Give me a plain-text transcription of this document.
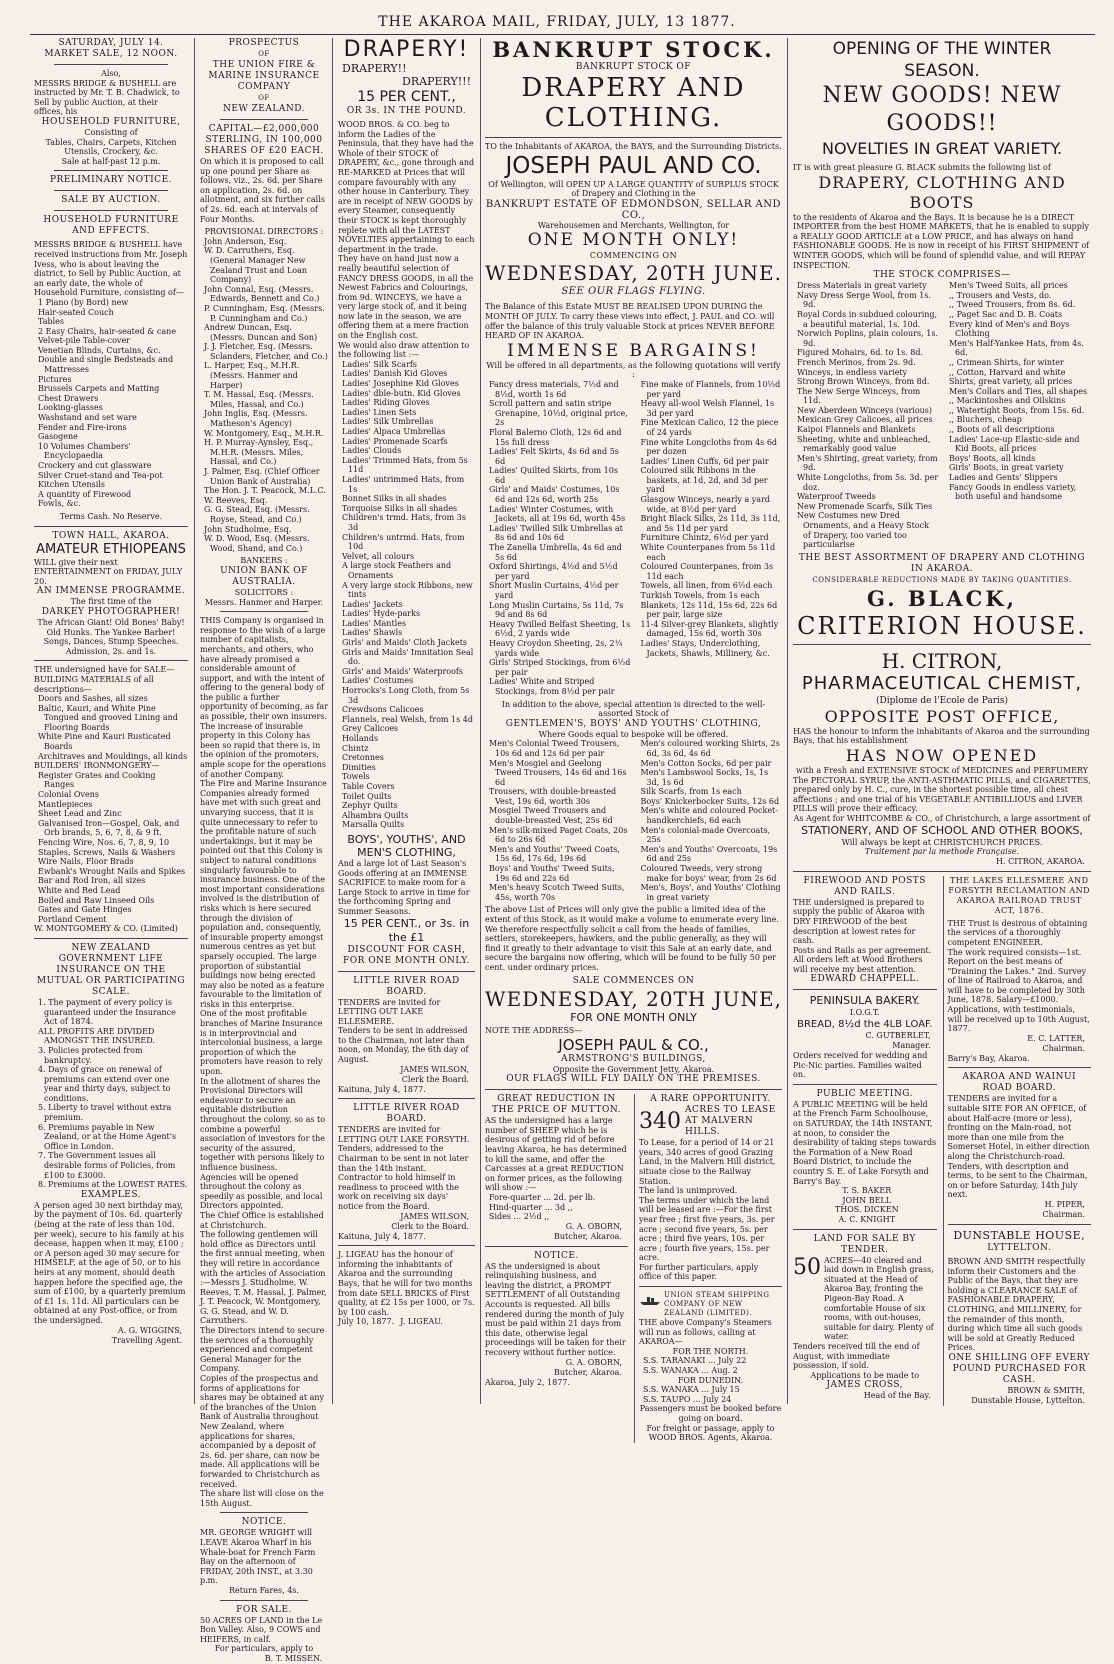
THE AKAROA MAIL, FRIDAY, JULY, 13 1877.
SATURDAY, JULY 14.
MARKET SALE, 12 NOON.

Also,

MESSRS BRIDGE & BUSHELL are instructed by Mr. T. B. Chadwick, to Sell by public Auction, at their offices, his

HOUSEHOLD FURNITURE,

Consisting of

Tables, Chairs, Carpets, Kitchen Utensils, Crockery, &c.

Sale at half-past 12 p.m.

PRELIMINARY NOTICE.
SALE BY AUCTION.
HOUSEHOLD FURNITURE AND EFFECTS.

MESSRS BRIDGE & BUSHELL have received instructions from Mr. Joseph Ivess, who is about leaving the district, to Sell by Public Auction, at an early date, the whole of Household Furniture, consisting of—

1 Piano (by Bord) new
Hair-seated Couch
Tables
2 Easy Chairs, hair-seated & cane
Velvet-pile Table-cover
Venetian Blinds, Curtains, &c.
Double and single Bedsteads and Mattresses
Pictures
Brussels Carpets and Matting
Chest Drawers
Looking-glasses
Washstand and set ware
Fender and Fire-irons
Gasogene
10 Volumes Chambers' Encyclopaedia
Crockery and cut glassware
Silver Cruet-stand and Tea-pot
Kitchen Utensils
A quantity of Firewood
Fowls, &c.

Terms Cash. No Reserve.

TOWN HALL, AKAROA.
AMATEUR ETHIOPEANS

WILL give their next ENTERTAINMENT on FRIDAY, JULY 20.

AN IMMENSE PROGRAMME.

The first time of the

DARKEY PHOTOGRAPHER!

The African Giant! Old Bones' Baby! Old Hunks. The Yankee Barber! Songs, Dances, Stump Speeches. Admission, 2s. and 1s.

THE undersigned have for SALE—

BUILDING MATERIALS of all descriptions—

Doors and Sashes, all sizes
Baltic, Kauri, and White Pine Tongued and grooved Lining and Flooring Boards
White Pine and Kauri Rusticated Boards
Architraves and Mouldings, all kinds

BUILDERS' IRONMONGERY—

Register Grates and Cooking Ranges
Colonial Ovens
Mantlepieces
Sheet Lead and Zinc
Galvanised Iron—Gospel, Oak, and Orb brands, 5, 6, 7, 8, & 9 ft.
Fencing Wire, Nos. 6, 7, 8, 9, 10
Staples, Screws, Nails & Washers
Wire Nails, Floor Brads
Ewbank's Wrought Nails and Spikes
Bar and Rod Iron, all sizes
White and Red Lead
Boiled and Raw Linseed Oils
Gates and Gate Hinges
Portland Cement

W. MONTGOMERY & CO. (Limited)

NEW ZEALAND GOVERNMENT LIFE INSURANCE ON THE MUTUAL OR PARTICIPATING SCALE.
1. The payment of every policy is guaranteed under the Insurance Act of 1874.
ALL PROFITS ARE DIVIDED AMONGST THE INSURED.
3. Policies protected from bankruptcy.
4. Days of grace on renewal of premiums can extend over one year and thirty days, subject to conditions.
5. Liberty to travel without extra premium.
6. Premiums payable in New Zealand, or at the Home Agent's Office in London.
7. The Government issues all desirable forms of Policies, from £100 to £3000.
8. Premiums at the LOWEST RATES.
EXAMPLES.

A person aged 30 next birthday may, by the payment of 10s. 6d. quarterly (being at the rate of less than 10d. per week), secure to his family at his decease, happen when it may, £100 ; or A person aged 30 may secure for HIMSELF, at the age of 50, or to his heirs at any moment, should death happen before the specified age, the sum of £100, by a quarterly premium of £1 1s. 11d. All particulars can be obtained at any Post-office, or from the undersigned.

A. G. WIGGINS,
Travelling Agent.
PROSPECTUS
OF
THE UNION FIRE & MARINE INSURANCE COMPANY
OF
NEW ZEALAND.
CAPITAL—£2,000,000 STERLING, IN 100,000 SHARES OF £20 EACH.

On which it is proposed to call up one pound per Share as follows, viz., 2s. 6d. per Share on application, 2s. 6d. on allotment, and six further calls of 2s. 6d. each at intervals of Four Months.

PROVISIONAL DIRECTORS :

John Anderson, Esq.
W. D. Carruthers, Esq. (General Manager New Zealand Trust and Loan Company)
John Connal, Esq. (Messrs. Edwards, Bennett and Co.)
P. Cunningham, Esq. (Messrs. P. Cunningham and Co.)
Andrew Duncan, Esq. (Messrs. Duncan and Son)
J. J. Fletcher, Esq. (Messrs. Sclanders, Fletcher, and Co.)
L. Harper, Esq., M.H.R. (Messrs. Hanmer and Harper)
T. M. Hassal, Esq. (Messrs. Miles, Hassal, and Co.)
John Inglis, Esq. (Messrs. Matheson's Agency)
W. Montgomery, Esq., M.H.R.
H. P. Murray-Aynsley, Esq., M.H.R. (Messrs. Miles, Hassal, and Co.)
J. Palmer, Esq. (Chief Officer Union Bank of Australia)
The Hon. J. T. Peacock, M.L.C.
W. Reeves, Esq.
G. G. Stead, Esq. (Messrs. Royse, Stead, and Co.)
John Studholme, Esq.
W. D. Wood, Esq. (Messrs. Wood, Shand, and Co.)

BANKERS :

UNION BANK OF AUSTRALIA.

SOLICITORS :

Messrs. Hanmer and Harper.

THIS Company is organised in response to the wish of a large number of capitalists, merchants, and others, who have already promised a considerable amount of support, and with the intent of offering to the general body of the public a further opportunity of becoming, as far as possible, their own insurers.

The increase of insurable property in this Colony has been so rapid that there is, in the opinion of the promoters, ample scope for the operations of another Company.

The Fire and Marine Insurance Companies already formed have met with such great and unvarying success, that it is quite unnecessary to refer to the profitable nature of such undertakings, but it may be pointed out that this Colony is subject to natural conditions singularly favourable to insurance business. One of the most important considerations involved is the distribution of risks which is here secured through the division of population and, consequently, of insurable property amongst numerous centres as yet but sparsely occupied. The large proportion of substantial buildings now being erected may also be noted as a feature favourable to the limitation of risks in this enterprise.

One of the most profitable branches of Marine Insurance is in interprovincial and intercolonial business, a large proportion of which the promoters have reason to rely upon.

In the allotment of shares the Provisional Directors will endeavour to secure an equitable distribution throughout the colony, so as to combine a powerful association of investors for the security of the assured, together with persons likely to influence business.

Agencies will be opened throughout the colony as speedily as possible, and local Directors appointed.

The Chief Office is established at Christchurch.

The following gentlemen will hold office as Directors until the first annual meeting, when they will retire in accordance with the articles of Association :—Messrs J. Studholme, W. Reeves, T. M. Hassal, J. Palmer, J. T. Peacock, W. Montgomery, G. G. Stead, and W. D. Carruthers.

The Directors intend to secure the services of a thoroughly experienced and competent General Manager for the Company.

Copies of the prospectus and forms of applications for shares may be obtained at any of the branches of the Union Bank of Australia throughout New Zealand, where applications for shares, accompanied by a deposit of 2s. 6d. per share, can now be made. All applications will be forwarded to Christchurch as received.

The share list will close on the 15th August.

NOTICE.

MR. GEORGE WRIGHT will LEAVE Akaroa Wharf in his Whale-boat for French Farm Bay on the afternoon of FRIDAY, 20th INST., at 3.30 p.m.

Return Fares, 4s.

FOR SALE.

50 ACRES OF LAND in the Le Bon Valley. Also, 9 COWS and HEIFERS, in calf.

For particulars, apply to

B. T. MISSEN.
DRAPERY!
DRAPERY!!
DRAPERY!!!
15 PER CENT.,
OR 3s. IN THE POUND.

WOOD BROS. & CO. beg to inform the Ladies of the Peninsula, that they have had the Whole of their STOCK of DRAPERY, &c., gone through and RE-MARKED at Prices that will compare favourably with any other house in Canterbury. They are in receipt of NEW GOODS by every Steamer, consequently their STOCK is kept thoroughly replete with all the LATEST NOVELTIES appertaining to each department in the trade.

They have on hand just now a really beautiful selection of FANCY DRESS GOODS, in all the Newest Fabrics and Colourings, from 9d. WINCEYS, we have a very large stock of, and it being now late in the season, we are offering them at a mere fraction on the English cost.

We would also draw attention to the following list :—

Ladies' Silk Scarfs
Ladies' Danish Kid Gloves
Ladies' Josephine Kid Gloves
Ladies' dble-butn. Kid Gloves
Ladies' Riding Gloves
Ladies' Linen Sets
Ladies' Silk Umbrellas
Ladies' Alpaca Umbrellas
Ladies' Promenade Scarfs
Ladies' Clouds
Ladies' Trimmed Hats, from 5s 11d
Ladies' untrimmed Hats, from 1s
Bonnet Silks in all shades
Torquoise Silks in all shades
Children's trmd. Hats, from 3s 3d
Children's untrmd. Hats, from 10d
Velvet, all colours
A large stock Feathers and Ornaments
A very large stock Ribbons, new tints
Ladies' Jackets
Ladies' Hyde-parks
Ladies' Mantles
Ladies' Shawls
Girls' and Maids' Cloth Jackets
Girls and Maids' Imnitation Seal do.
Girls' and Maids' Waterproofs
Ladies' Costumes
Horrocks's Long Cloth, from 5s 3d
Crewdsons Calicoes
Flannels, real Welsh, from 1s 4d
Grey Calicoes
Hollands
Chintz
Cretonnes
Dimities
Towels
Table Covers
Toilet Quilts
Zephyr Quilts
Alhambra Quilts
Marsalla Quilts
BOYS', YOUTHS', AND MEN'S CLOTHING,

And a large lot of Last Season's Goods offering at an IMMENSE SACRIFICE to make room for a Large Stock to arrive in time for the forthcoming Spring and Summer Seasons.

15 PER CENT., or 3s. in the £1
DISCOUNT FOR CASH, FOR ONE MONTH ONLY.
LITTLE RIVER ROAD BOARD.

TENDERS are invited for LETTING OUT LAKE ELLESMERE.

Tenders to be sent in addressed to the Chairman, not later than noon, on Monday, the 6th day of August.

JAMES WILSON,
Clerk the Board.

Kaituna, July 4, 1877.

LITTLE RIVER ROAD BOARD.

TENDERS are invited for LETTING OUT LAKE FORSYTH.

Tenders, addressed to the Chairman to be sent in not later than the 14th instant.

Contractor to hold himself in readiness to proceed with the work on receiving six days' notice from the Board.

JAMES WILSON,
Clerk to the Board.

Kaituna, July 4, 1877.

J. LIGEAU has the honour of informing the inhabitants of Akaroa and the surrounding Bays, that he will for two months from date SELL BRICKS of First quality, at £2 15s per 1000, or 7s. by 100 cash.

July 10, 1877. J. LIGEAU.

BANKRUPT STOCK.
BANKRUPT STOCK OF
DRAPERY AND CLOTHING.

TO the Inhabitants of AKAROA, the BAYS, and the Surrounding Districts.

JOSEPH PAUL AND CO.

Of Wellington, will OPEN UP A LARGE QUANTITY of SURPLUS STOCK of Drapery and Clothing in the

BANKRUPT ESTATE OF EDMONDSON, SELLAR AND CO.,

Warehousemen and Merchants, Wellington, for

ONE MONTH ONLY!
COMMENCING ON
WEDNESDAY, 20TH JUNE.
SEE OUR FLAGS FLYING.

The Balance of this Estate MUST BE REALISED UPON DURING the MONTH OF JULY. To carry these views into effect, J. PAUL and CO. will offer the balance of this truly valuable Stock at prices NEVER BEFORE HEARD OF IN AKAROA.

IMMENSE BARGAINS!

Will be offered in all departments, as the following quotations will verify :

Fancy dress materials, 7½d and 8½d, worth 1s 6d
Scroll pattern and satin stripe Grenapine, 10½d, original price, 2s
Floral Balerno Cloth, 12s 6d and 15s full dress
Ladies' Felt Skirts, 4s 6d and 5s 6d
Ladies' Quilted Skirts, from 10s 6d
Girls' and Maids' Costumes, 10s 6d and 12s 6d, worth 25s
Ladies' Winter Costumes, with Jackets, all at 19s 6d, worth 45s
Ladies' Twilled Silk Umbrellas at 8s 6d and 10s 6d
The Zanella Umbrella, 4s 6d and 5s 6d
Oxford Shirtings, 4½d and 5½d per yard
Short Muslin Curtains, 4½d per yard
Long Muslin Curtains, 5s 11d, 7s 9d and 8s 6d
Heavy Twilled Belfast Sheeting, 1s 6½d, 2 yards wide
Heavy Croydon Sheeting, 2s, 2¼ yards wide
Girls' Striped Stockings, from 6½d per pair
Ladies' White and Striped Stockings, from 8½d per pair
Fine make of Flannels, from 10½d per yard
Heavy all-wool Welsh Flannel, 1s 3d per yard
Fine Mexican Calico, 12 the piece of 24 yards
Fine white Longcloths from 4s 6d per dozen
Ladies' Linen Cuffs, 6d per pair
Coloured silk Ribbons in the baskets, at 1d, 2d, and 3d per yard
Glasgow Winceys, nearly a yard wide, at 8½d per yard
Bright Black Silks, 2s 11d, 3s 11d, and 5s 11d per yard
Furniture Chintz, 6½d per yard
White Counterpanes from 5s 11d each
Coloured Counterpanes, from 3s 11d each
Towels, all linen, from 6½d each
Turkish Towels, from 1s each
Blankets, 12s 11d, 15s 6d, 22s 6d per pair, large size
11-4 Silver-grey Blankets, slightly damaged, 15s 6d, worth 30s
Ladies' Stays, Underclothing, Jackets, Shawls, Millinery, &c.

In addition to the above, special attention is directed to the well-assorted Stock of

GENTLEMEN'S, BOYS' AND YOUTHS' CLOTHING,

Where Goods equal to bespoke will be offered.

Men's Colonial Tweed Trousers, 10s 6d and 12s 6d per pair
Men's Mosgiel and Geelong Tweed Trousers, 14s 6d and 16s 6d
Trousers, with double-breasted Vest, 19s 6d, worth 30s
Mosgiel Tweed Trousers and double-breasted Vest, 25s 6d
Men's silk-mixed Paget Coats, 20s 6d to 26s 6d
Men's and Youths' Tweed Coats, 15s 6d, 17s 6d, 19s 6d
Boys' and Youths' Tweed Suits, 19s 6d and 22s 6d
Men's heavy Scotch Tweed Suits, 45s, worth 70s
Men's coloured working Shirts, 2s 6d, 3s 6d, 4s 6d
Men's Cotton Socks, 6d per pair
Men's Lambswool Socks, 1s, 1s 3d, 1s 6d
Silk Scarfs, from 1s each
Boys' Knickerbocker Suits, 12s 6d
Men's white and coloured Pocket-handkerchiefs, 6d each
Men's colonial-made Overcoats, 25s
Men's and Youths' Overcoats, 19s 6d and 25s
Coloured Tweeds, very strong make for boys' wear, from 2s 6d
Men's, Boys', and Youths' Clothing in great variety

The above List of Prices will only give the public a limited idea of the extent of this Stock, as it would make a volume to enumerate every line. We therefore respectfully solicit a call from the heads of families, settlers, storekeepers, hawkers, and the public generally, as they will find it greatly to their advantage to visit this Sale at an early date, and secure the bargains now offering, which will be found to be fully 50 per cent. under ordinary prices.

SALE COMMENCES ON
WEDNESDAY, 20TH JUNE,
FOR ONE MONTH ONLY

NOTE THE ADDRESS—

JOSEPH PAUL & CO.,
ARMSTRONG'S BUILDINGS,

Opposite the Government Jetty, Akaroa.

OUR FLAGS WILL FLY DAILY ON THE PREMISES.
GREAT REDUCTION IN THE PRICE OF MUTTON.

AS the undersigned has a large number of SHEEP which he is desirous of getting rid of before leaving Akaroa, he has determined to kill the same, and offer the Carcasses at a great REDUCTION on former prices, as the following will show :—

Fore-quarter ... 2d. per lb.
Hind-quarter ... 3d ,,
Sides ... 2½d ,,
G. A. OBORN,
Butcher, Akaroa.
NOTICE.

AS the undersigned is about relinquishing business, and leaving the district, a PROMPT SETTLEMENT of all Outstanding Accounts is requested. All bills rendered during the month of July must be paid within 21 days from this date, otherwise legal proceedings will be taken for their recovery without further notice.

G. A. OBORN,
Butcher, Akaroa.

Akaroa, July 2, 1877.

A RARE OPPORTUNITY.
340 ACRES TO LEASE AT MALVERN HILLS.

To Lease, for a period of 14 or 21 years, 340 acres of good Grazing Land, in the Malvern Hill district, situate close to the Railway Station.

The land is unimproved.

The terms under which the land will be leased are :—For the first year free ; first five years, 3s. per acre ; second five years, 5s. per acre ; third five years, 10s. per acre ; fourth five years, 15s. per acre.

For further particulars, apply office of this paper.

UNION STEAM SHIPPING COMPANY OF NEW ZEALAND (LIMITED).

THE above Company's Steamers will run as follows, calling at AKAROA—

FOR THE NORTH.

S.S. TARANAKI ... July 22
S.S. WANAKA ... Aug. 2

FOR DUNEDIN.

S.S. WANAKA ... July 15
S.S. TAUPO ... July 24

Passengers must be booked before going on board.

For freight or passage, apply to WOOD BROS. Agents, Akaroa.

OPENING OF THE WINTER SEASON.
NEW GOODS! NEW GOODS!!
NOVELTIES IN GREAT VARIETY.

IT is with great pleasure G. BLACK submits the following list of

DRAPERY, CLOTHING AND BOOTS

to the residents of Akaroa and the Bays. It is because he is a DIRECT IMPORTER from the best HOME MARKETS, that he is enabled to supply a REALLY GOOD ARTICLE at a LOW PRICE, and has always on hand FASHIONABLE GOODS. He is now in receipt of his FIRST SHIPMENT of WINTER GOODS, which will be found of splendid value, and will REPAY INSPECTION.

THE STOCK COMPRISES—
Dress Materials in great variety
Navy Dress Serge Wool, from 1s. 9d.
Royal Cords in subdued colouring, a beautiful material, 1s. 10d.
Norwich Poplins, plain colours, 1s. 9d.
Figured Mohairs, 6d. to 1s. 8d.
French Merinos, from 2s. 9d.
Winceys, in endless variety
Strong Brown Winceys, from 8d.
The New Serge Winceys, from 11d.
New Aberdeen Winceys (various)
Mexican Grey Calicoes, all prices
Kaipoi Flannels and Blankets
Sheeting, white and unbleached, remarkably good value
Men's Shirting, great variety, from 9d.
White Longcloths, from 5s. 3d. per doz.
Waterproof Tweeds
New Promenade Scarfs, Silk Ties
New Costumes new Dred Ornaments, and a Heavy Stock of Drapery, too varied too particularise
Men's Tweed Suits, all prices
,, Trousers and Vests, do.
,, Tweed Trousers, from 8s. 6d.
,, Paget Sac and D. B. Coats
Every kind of Men's and Boys Clothing
Men's Half-Yankee Hats, from 4s. 6d.
,, Crimean Shirts, for winter
,, Cotton, Harvard and white
Shirts, great variety, all prices
Men's Collars and Ties, all shapes
,, Mackintoshes and Oilskins
,, Watertight Boots, from 15s. 6d.
,, Bluchers, cheap
,, Boots of all descriptions
Ladies' Lace-up Elastic-side and Kid Boots, all prices
Boys' Boots, all kinds
Girls' Boots, in great variety
Ladies and Gents' Slippers
Fancy Goods in endless variety, both useful and handsome
THE BEST ASSORTMENT OF DRAPERY AND CLOTHING IN AKAROA.
CONSIDERABLE REDUCTIONS MADE BY TAKING QUANTITIES.
G. BLACK,
CRITERION HOUSE.
H. CITRON,
PHARMACEUTICAL CHEMIST,

(Diplome de l'Ecole de Paris)

OPPOSITE POST OFFICE,

HAS the honour to inform the inhabitants of Akaroa and the surrounding Bays, that his establishment

HAS NOW OPENED

with a Fresh and EXTENSIVE STOCK of MEDICINES and PERFUMERY

The PECTORAL SYRUP, the ANTI-ASTHMATIC PILLS, and CIGARETTES, prepared only by H. C., cure, in the shortest possible time, all chest affections ; and one trial of his VEGETABLE ANTIBILLIOUS and LIVER PILLS will prove their efficacy.

As Agent for WHITCOMBE & CO., of Christchurch, a large assortment of

STATIONERY, AND OF SCHOOL AND OTHER BOOKS,

Will always be kept at CHRISTCHURCH PRICES.

Traitement par la methode Française.

H. CITRON, AKAROA.
FIREWOOD AND POSTS AND RAILS.

THE undersigned is prepared to supply the public of Akaroa with DRY FIREWOOD of the best description at lowest rates for cash.

Posts and Rails as per agreement.

All orders left at Wood Brothers will receive my best attention.

EDWARD CHAPPELL.
PENINSULA BAKERY.

I.O.G.T.

BREAD, 8½d the 4LB LOAF.
C. GUTBERLET,
Manager.

Orders received for wedding and Pic-Nic parties. Families waited on.

PUBLIC MEETING.

A PUBLIC MEETING will be held at the French Farm Schoolhouse, on SATURDAY, the 14th INSTANT, at noon, to consider the desirability of taking steps towards the Formation of a New Road Board District, to include the country S. E. of Lake Forsyth and Barry's Bay.

T. S. BAKER
JOHN BELL
THOS. DICKEN
A. C. KNIGHT
LAND FOR SALE BY TENDER.
50 ACRES—40 cleared and laid down in English grass, situated at the Head of Akaroa Bay, fronting the Pigeon-Bay Road. A comfortable House of six rooms, with out-houses, suitable for dairy. Plenty of water.

Tenders received till the end of August, with immediate possession, if sold.

Applications to be made to

JAMES CROSS,
Head of the Bay.
THE LAKES ELLESMERE AND FORSYTH RECLAMATION AND AKAROA RAILROAD TRUST ACT, 1876.

THE Trust is desirous of obtaining the services of a thoroughly competent ENGINEER.

The work required consists—1st. Report on the best means of "Draining the Lakes." 2nd. Survey of line of Railroad to Akaroa, and will have to be completed by 30th June, 1878. Salary—£1000.

Applications, with testimonials, will be received up to 10th August, 1877.

E. C. LATTER,
Chairman.

Barry's Bay, Akaroa.

AKAROA AND WAINUI ROAD BOARD.

TENDERS are invited for a suitable SITE FOR AN OFFICE, of about Half-acre (more or less), fronting on the Main-road, not more than one mile from the Somerset Hotel, in either direction along the Christchurch-road.

Tenders, with description and terms, to be sent to the Chairman, on or before Saturday, 14th July next.

H. PIPER,
Chairman.
DUNSTABLE HOUSE,
LYTTELTON.

BROWN AND SMITH respectfully inform their Customers and the Public of the Bays, that they are holding a CLEARANCE SALE of FASHIONABLE DRAPERY, CLOTHING, and MILLINERY, for the remainder of this month, during which time all such goods will be sold at Greatly Reduced Prices.

ONE SHILLING OFF EVERY POUND PURCHASED FOR CASH.
BROWN & SMITH,
Dunstable House, Lyttelton.
